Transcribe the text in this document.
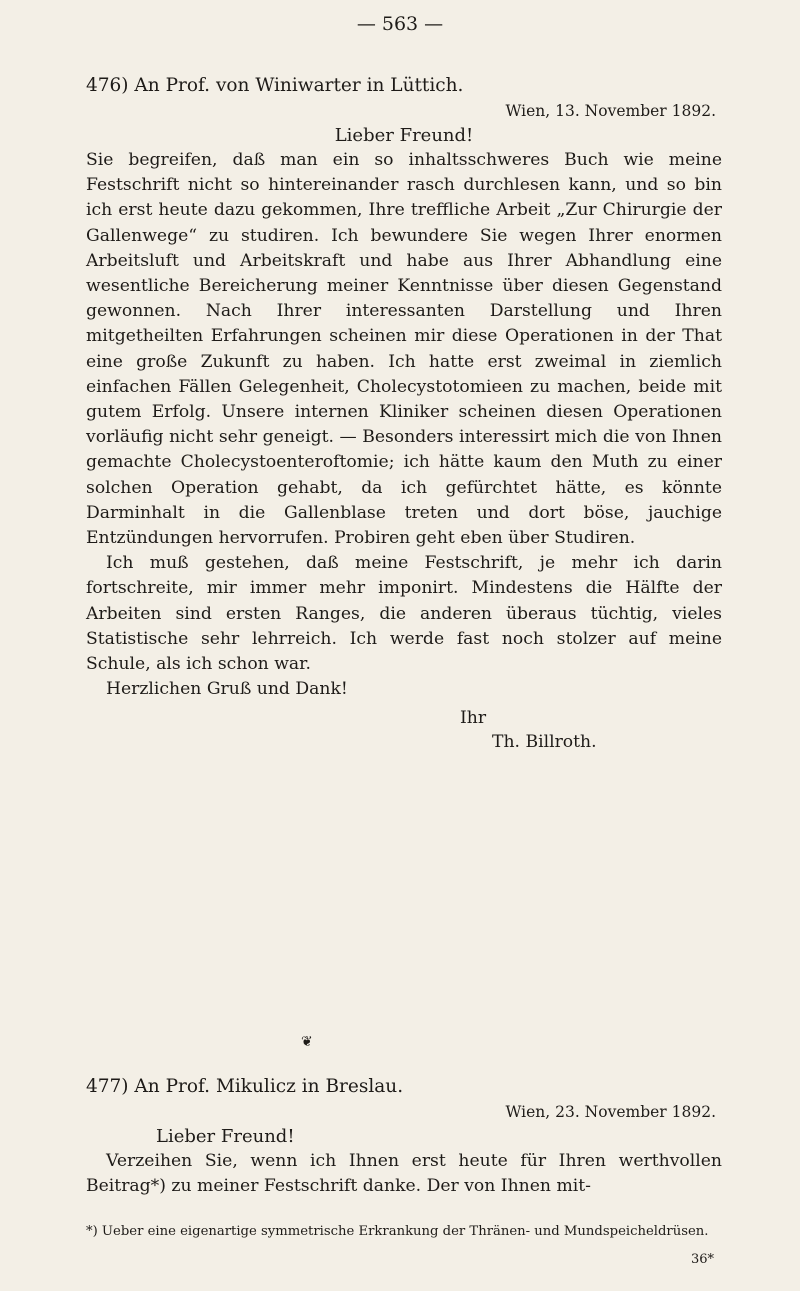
— 563 —
476) An Prof. von Winiwarter in Lüttich.
Wien, 13. November 1892.
Lieber Freund!

Sie begreifen, daß man ein so inhaltsschweres Buch wie meine Festschrift nicht so hintereinander rasch durchlesen kann, und so bin ich erst heute dazu gekommen, Ihre treffliche Arbeit „Zur Chirurgie der Gallenwege“ zu studiren. Ich bewundere Sie wegen Ihrer enormen Arbeitsluft und Arbeitskraft und habe aus Ihrer Abhandlung eine wesentliche Bereicherung meiner Kenntnisse über diesen Gegenstand gewonnen. Nach Ihrer interessanten Darstellung und Ihren mitgetheilten Erfahrungen scheinen mir diese Operationen in der That eine große Zukunft zu haben. Ich hatte erst zweimal in ziemlich einfachen Fällen Gelegenheit, Cholecystotomieen zu machen, beide mit gutem Erfolg. Unsere internen Kliniker scheinen diesen Operationen vorläufig nicht sehr geneigt. — Besonders interessirt mich die von Ihnen gemachte Cholecystoenteroftomie; ich hätte kaum den Muth zu einer solchen Operation gehabt, da ich gefürchtet hätte, es könnte Darminhalt in die Gallenblase treten und dort böse, jauchige Entzündungen hervorrufen. Probiren geht eben über Studiren.

Ich muß gestehen, daß meine Festschrift, je mehr ich darin fortschreite, mir immer mehr imponirt. Mindestens die Hälfte der Arbeiten sind ersten Ranges, die anderen überaus tüchtig, vieles Statistische sehr lehrreich. Ich werde fast noch stolzer auf meine Schule, als ich schon war.

Herzlichen Gruß und Dank!
Ihr
Th. Billroth.
❦
477) An Prof. Mikulicz in Breslau.
Wien, 23. November 1892.
Lieber Freund!

Verzeihen Sie, wenn ich Ihnen erst heute für Ihren werthvollen Beitrag*) zu meiner Festschrift danke. Der von Ihnen mit-

*) Ueber eine eigenartige symmetrische Erkrankung der Thränen- und Mundspeicheldrüsen.
36*
